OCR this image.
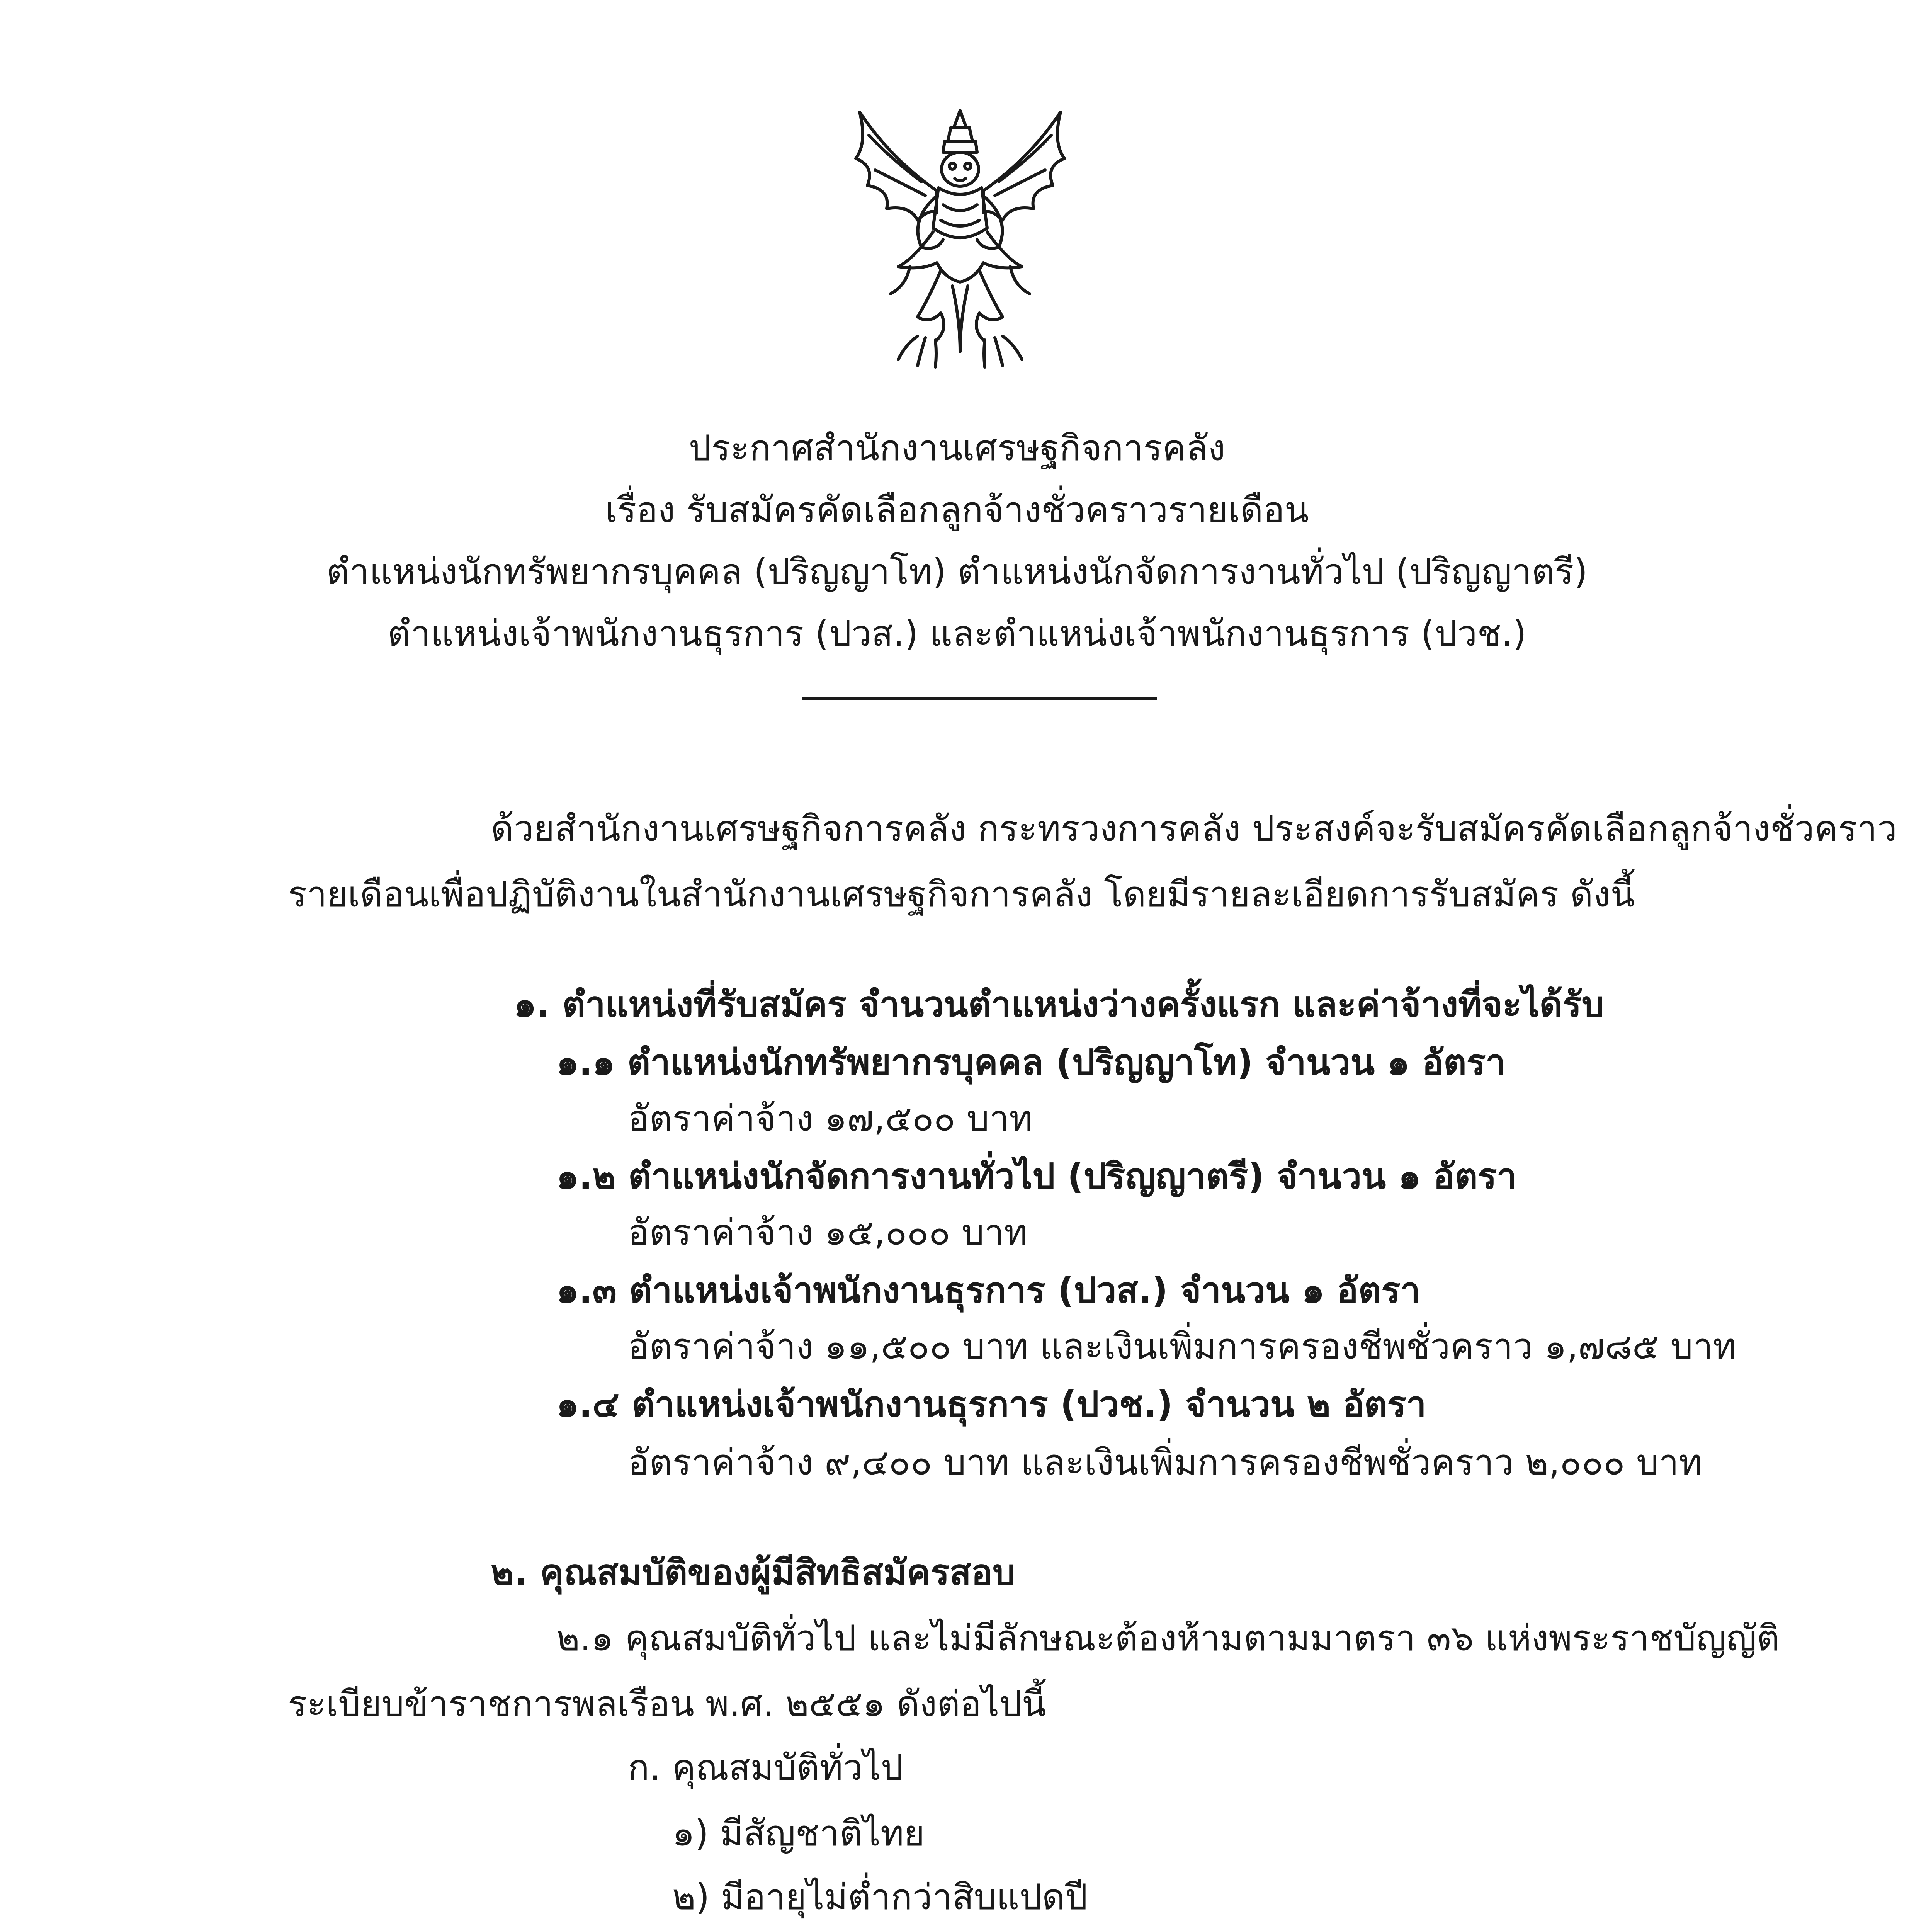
ประกาศสำนักงานเศรษฐกิจการคลัง
เรื่อง รับสมัครคัดเลือกลูกจ้างชั่วคราวรายเดือน
ตำแหน่งนักทรัพยากรบุคคล (ปริญญาโท) ตำแหน่งนักจัดการงานทั่วไป (ปริญญาตรี)
ตำแหน่งเจ้าพนักงานธุรการ (ปวส.) และตำแหน่งเจ้าพนักงานธุรการ (ปวช.)
ด้วยสำนักงานเศรษฐกิจการคลัง กระทรวงการคลัง ประสงค์จะรับสมัครคัดเลือกลูกจ้างชั่วคราว
รายเดือนเพื่อปฏิบัติงานในสำนักงานเศรษฐกิจการคลัง โดยมีรายละเอียดการรับสมัคร ดังนี้
๑. ตำแหน่งที่รับสมัคร จำนวนตำแหน่งว่างครั้งแรก และค่าจ้างที่จะได้รับ
๑.๑ ตำแหน่งนักทรัพยากรบุคคล (ปริญญาโท) จำนวน ๑ อัตรา
อัตราค่าจ้าง ๑๗,๕๐๐ บาท
๑.๒ ตำแหน่งนักจัดการงานทั่วไป (ปริญญาตรี) จำนวน ๑ อัตรา
อัตราค่าจ้าง ๑๕,๐๐๐ บาท
๑.๓ ตำแหน่งเจ้าพนักงานธุรการ (ปวส.) จำนวน ๑ อัตรา
อัตราค่าจ้าง ๑๑,๕๐๐ บาท และเงินเพิ่มการครองชีพชั่วคราว ๑,๗๘๕ บาท
๑.๔ ตำแหน่งเจ้าพนักงานธุรการ (ปวช.) จำนวน ๒ อัตรา
อัตราค่าจ้าง ๙,๔๐๐ บาท และเงินเพิ่มการครองชีพชั่วคราว ๒,๐๐๐ บาท
๒. คุณสมบัติของผู้มีสิทธิสมัครสอบ
๒.๑ คุณสมบัติทั่วไป และไม่มีลักษณะต้องห้ามตามมาตรา ๓๖ แห่งพระราชบัญญัติ
ระเบียบข้าราชการพลเรือน พ.ศ. ๒๕๕๑ ดังต่อไปนี้
ก. คุณสมบัติทั่วไป
๑) มีสัญชาติไทย
๒) มีอายุไม่ต่ำกว่าสิบแปดปี
